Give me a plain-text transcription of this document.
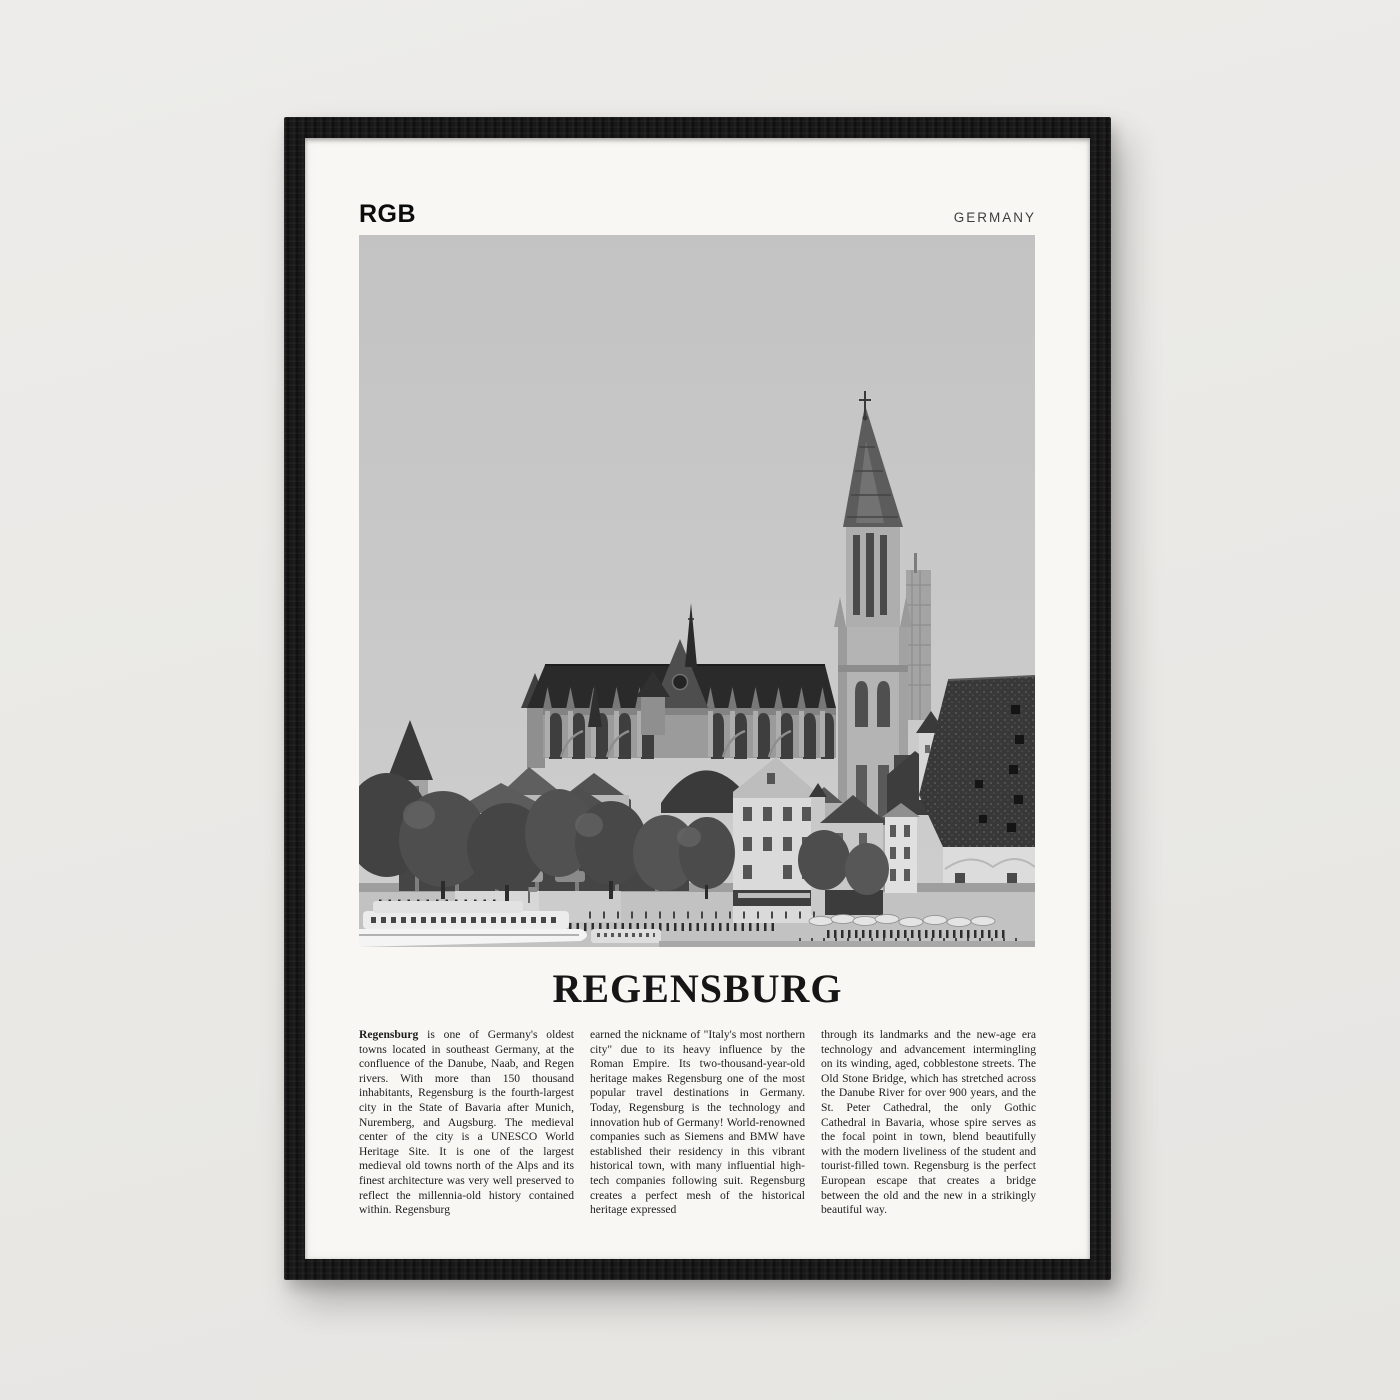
RGB	GERMANY
REGENSBURG

Regensburg is one of Germany's oldest towns located in southeast Germany, at the confluence of the Danube, Naab, and Regen rivers. With more than 150 thousand inhabitants, Regensburg is the fourth-largest city in the State of Bavaria after Munich, Nuremberg, and Augsburg. The medieval center of the city is a UNESCO World Heritage Site. It is one of the largest medieval old towns north of the Alps and its finest architecture was very well preserved to reflect the millennia-old history contained within. Regensburg

earned the nickname of "Italy's most northern city" due to its heavy influence by the Roman Empire. Its two-thousand-year-old heritage makes Regensburg one of the most popular travel destinations in Germany. Today, Regensburg is the technology and innovation hub of Germany! World-renowned companies such as Siemens and BMW have established their residency in this vibrant historical town, with many influential high-tech companies following suit. Regensburg creates a perfect mesh of the historical heritage expressed

through its landmarks and the new-age era technology and advancement intermingling on its winding, aged, cobblestone streets. The Old Stone Bridge, which has stretched across the Danube River for over 900 years, and the St. Peter Cathedral, the only Gothic Cathedral in Bavaria, whose spire serves as the focal point in town, blend beautifully with the modern liveliness of the student and tourist-filled town. Regensburg is the perfect European escape that creates a bridge between the old and the new in a strikingly beautiful way.
